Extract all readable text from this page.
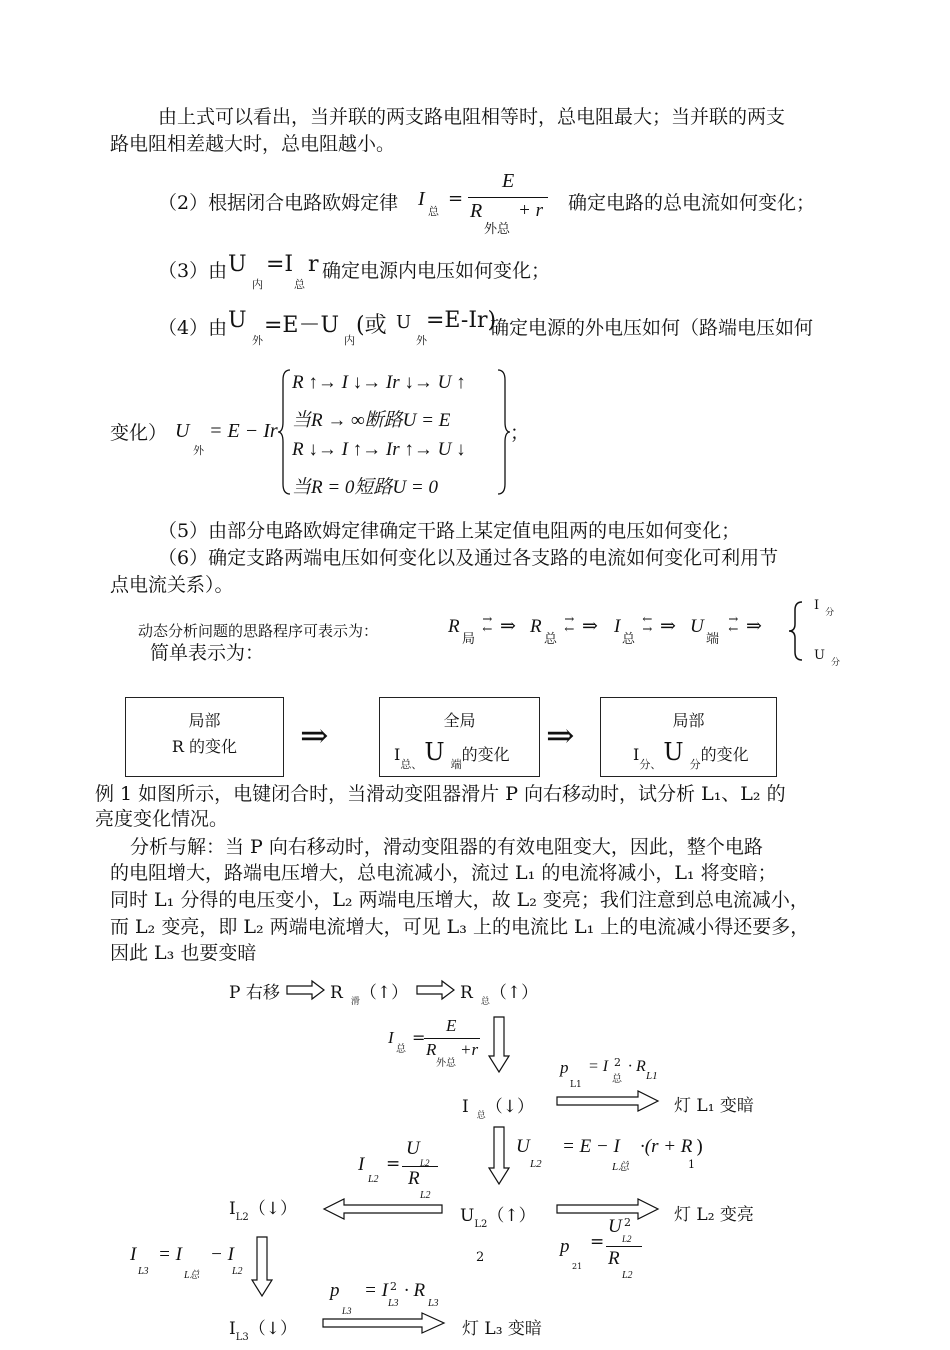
由上式可以看出，当并联的两支路电阻相等时，总电阻最大；当并联的两支
路电阻相差越大时，总电阻越小。
（2）根据闭合电路欧姆定律 I
总
=
E
R
外总
+ r 确定电路的总电流如何变化；
（3）由 U
内
=I
总
r 确定电源内电压如何变化；
（4）由 U
外
=E－U
内
(或 U
外
=E-Ir)
确定电源的外电压如何（路端电压如何
变化） U
外
= E − Ir
R ↑→ I ↓→ Ir ↓→ U ↑
当R → ∞断路U = E
R ↓→ I ↑→ Ir ↑→ U ↓
当R = 0短路U = 0
；
（5）由部分电路欧姆定律确定干路上某定值电阻两的电压如何变化；
（6）确定支路两端电压如何变化以及通过各支路的电流如何变化可利用节
点电流关系）。
动态分析问题的思路程序可表示为：	R
局
↑↓ ⇒ R
总
↑↓ ⇒ I
总
↓↑ ⇒ U
端
↑↓ ⇒
I $_分$
U $_分$
简单表示为：
局部
R 的变化	⇒	全局
$I_{总、}U$ $_端$的变化 ⇒	局部
$I_{分、}U$ $_分$的变化
例 1 如图所示，电键闭合时，当滑动变阻器滑片 P 向右移动时，试分析 L₁、L₂ 的
亮度变化情况。
分析与解：当 P 向右移动时，滑动变阻器的有效电阻变大，因此，整个电路
的电阻增大，路端电压增大，总电流减小，流过 L₁ 的电流将减小，L₁ 将变暗；
同时 L₁ 分得的电压变小，L₂ 两端电压增大，故 L₂ 变亮；我们注意到总电流减小，
而 L₂ 变亮，即 L₂ 两端电流增大，可见 L₃ 上的电流比 L₁ 上的电流减小得还要多，
因此 L₃ 也要变暗
P 右移	R $_滑$（↑）	R $_总$（↑）
I
总
=
E
R
外总
+r
p
L1
= I 2
总
· R
L1
I $_总$（↓）	灯 L₁ 变暗
U
L2
= E − I
L总
·(r + R
1
)
I
L2
=
U
L2
R
L2
$I_{L2}(↓)$	$U_{L2}(↑)$	灯 L₂ 变亮
p
21
=
U 2
L2
R
L2
2
I
L3
= I
L总
− I
L2
p
L3
= I 2
L3
· R
L3
$I_{L3}(↓)$	灯 L₃ 变暗
